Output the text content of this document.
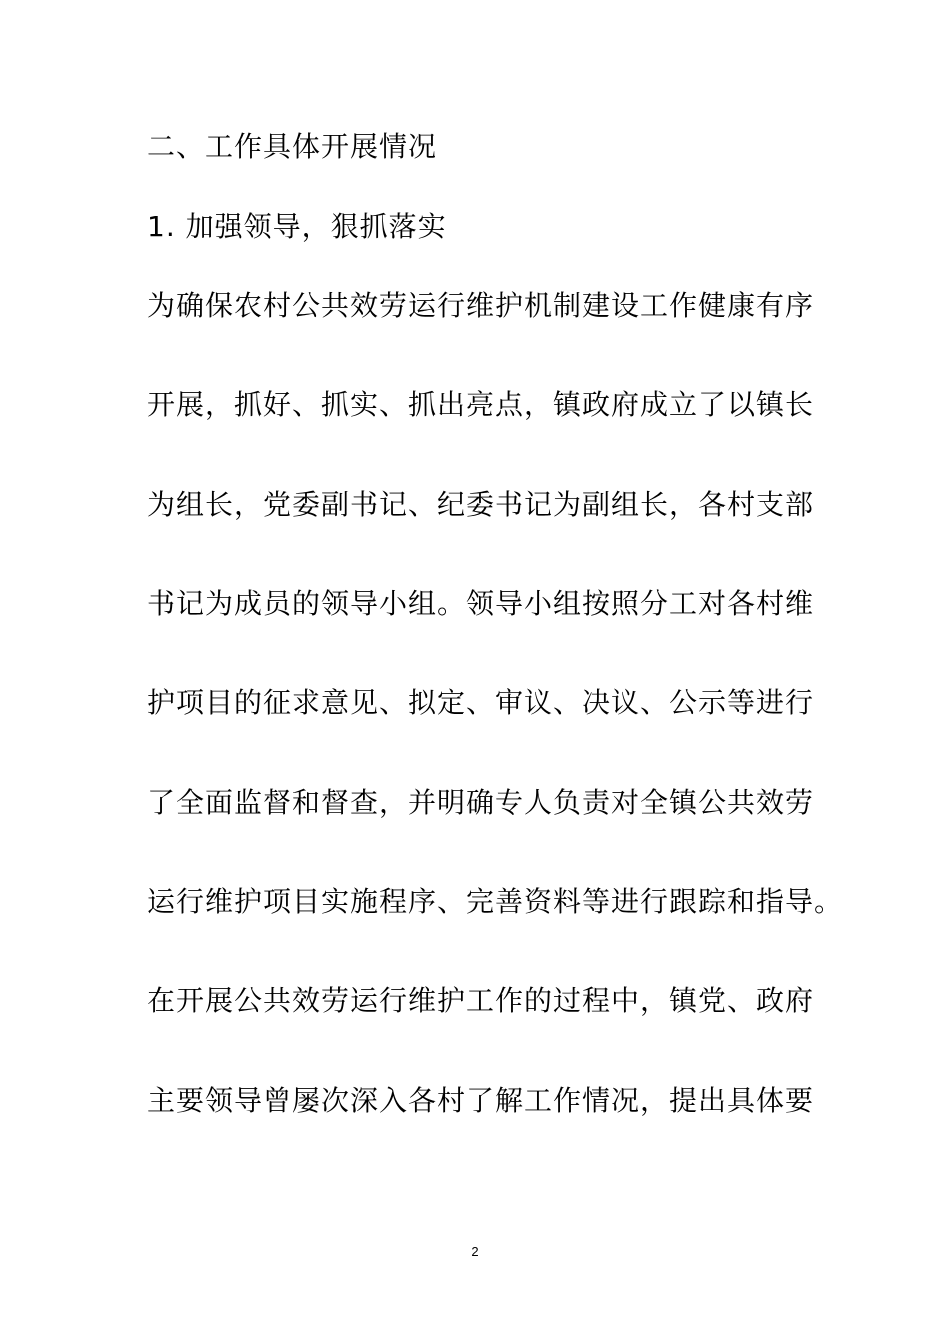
二、工作具体开展情况
1. 加强领导，狠抓落实
为确保农村公共效劳运行维护机制建设工作健康有序
开展，抓好、抓实、抓出亮点，镇政府成立了以镇长
为组长，党委副书记、纪委书记为副组长，各村支部
书记为成员的领导小组。领导小组按照分工对各村维
护项目的征求意见、拟定、审议、决议、公示等进行
了全面监督和督查，并明确专人负责对全镇公共效劳
运行维护项目实施程序、完善资料等进行跟踪和指导。
在开展公共效劳运行维护工作的过程中，镇党、政府
主要领导曾屡次深入各村了解工作情况，提出具体要
2
